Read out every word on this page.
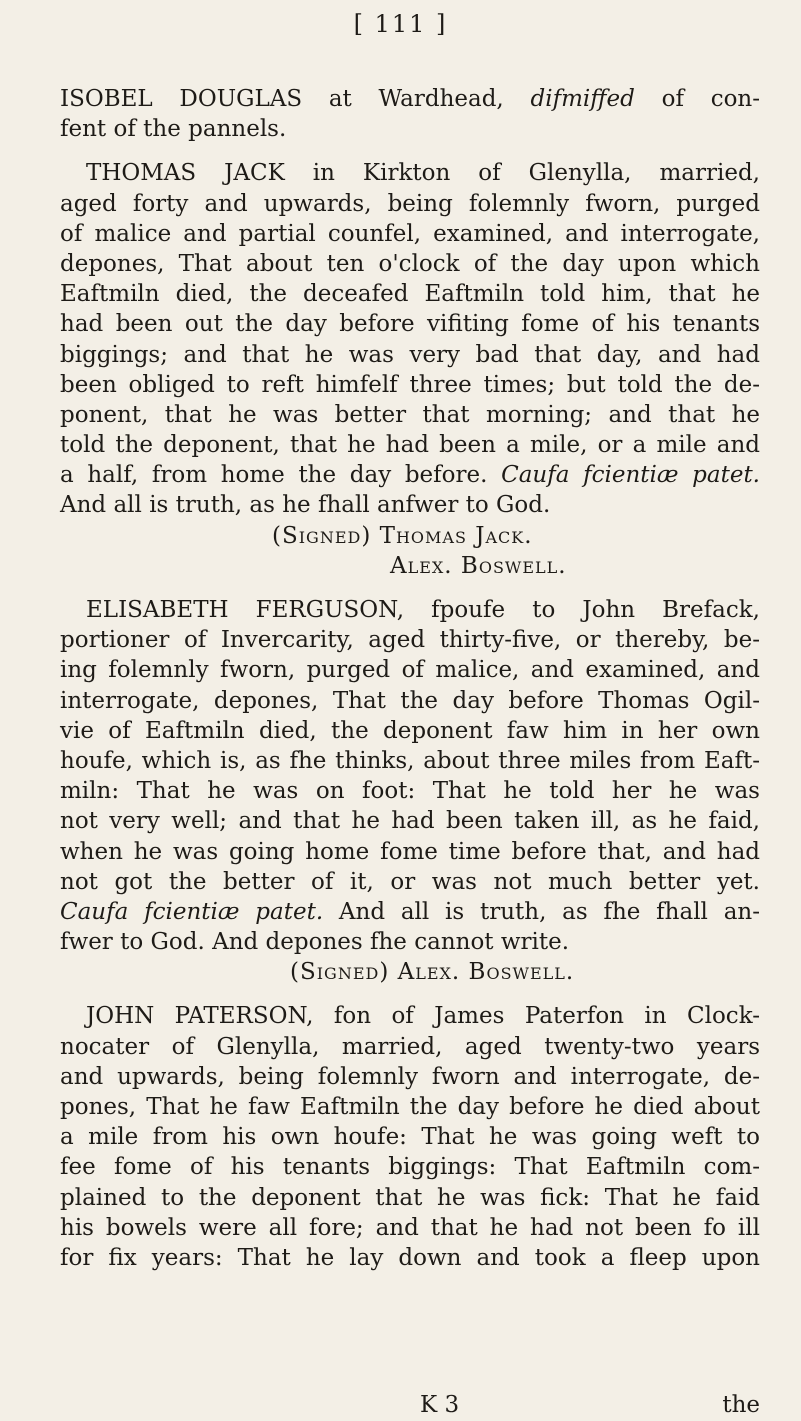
[ 111 ]
ISOBEL DOUGLAS at Wardhead, difmiffed of con-
fent of the pannels.
THOMAS JACK in Kirkton of Glenylla, married,
aged forty and upwards, being folemnly fworn, purged
of malice and partial counfel, examined, and interrogate,
depones, That about ten o'clock of the day upon which
Eaftmiln died, the deceafed Eaftmiln told him, that he
had been out the day before vifiting fome of his tenants
biggings; and that he was very bad that day, and had
been obliged to reft himfelf three times; but told the de-
ponent, that he was better that morning; and that he
told the deponent, that he had been a mile, or a mile and
a half, from home the day before. Caufa fcientiæ patet.
And all is truth, as he fhall anfwer to God.
(Signed) Thomas Jack.
Alex. Boswell.
ELISABETH FERGUSON, fpoufe to John Brefack,
portioner of Invercarity, aged thirty-five, or thereby, be-
ing folemnly fworn, purged of malice, and examined, and
interrogate, depones, That the day before Thomas Ogil-
vie of Eaftmiln died, the deponent faw him in her own
houfe, which is, as fhe thinks, about three miles from Eaft-
miln: That he was on foot: That he told her he was
not very well; and that he had been taken ill, as he faid,
when he was going home fome time before that, and had
not got the better of it, or was not much better yet.
Caufa fcientiæ patet. And all is truth, as fhe fhall an-
fwer to God. And depones fhe cannot write.
(Signed) Alex. Boswell.
JOHN PATERSON, fon of James Paterfon in Clock-
nocater of Glenylla, married, aged twenty-two years
and upwards, being folemnly fworn and interrogate, de-
pones, That he faw Eaftmiln the day before he died about
a mile from his own houfe: That he was going weft to
fee fome of his tenants biggings: That Eaftmiln com-
plained to the deponent that he was fick: That he faid
his bowels were all fore; and that he had not been fo ill
for fix years: That he lay down and took a fleep upon
K 3	the
